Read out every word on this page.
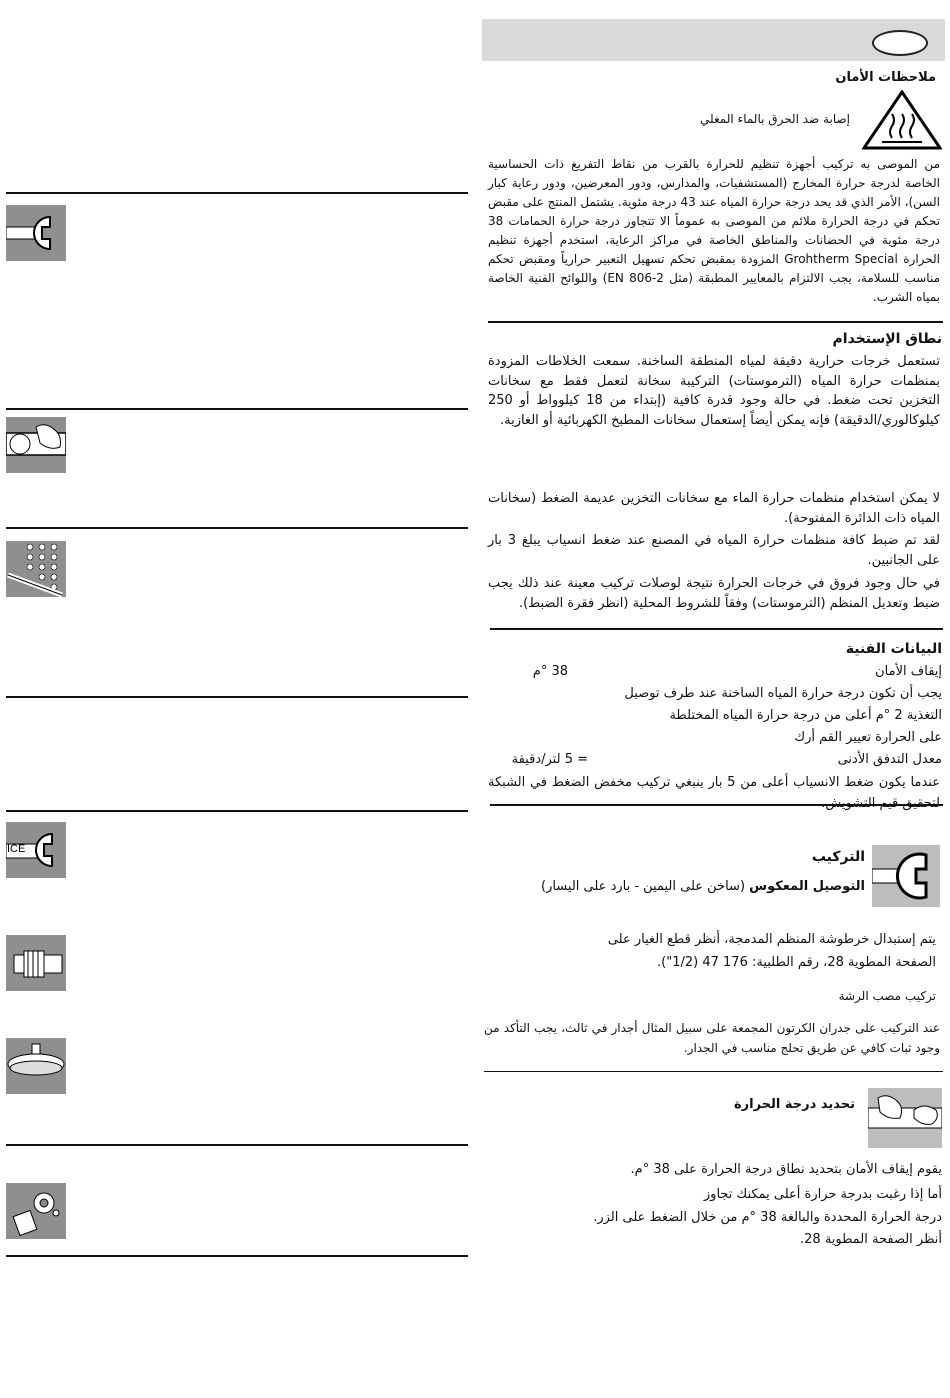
ICE
ملاحظات الأمان
إصابة ضد الحرق بالماء المغلي

من الموصى به تركيب أجهزة تنظيم للحرارة بالقرب من نقاط التفريغ ذات الحساسية الخاصة لدرجة حرارة المخارج (المستشفيات، والمدارس، ودور المعرضين، ودور رعاية كبار السن)، الأمر الذي قد يحد درجة حرارة المياه عند 43 درجة مئوية. يشتمل المنتج على مقبض تحكم في درجة الحرارة ملائم من الموصى به عموماً الا تتجاوز درجة حرارة الحمامات 38 درجة مئوية في الحضانات والمناطق الخاصة في مراكز الرعاية، استخدم أجهزة تنظيم الحرارة Grohtherm Special المزودة بمقبض تحكم تسهيل التعبير حرارياً ومقبض تحكم مناسب للسلامة، يجب الالتزام بالمعايير المطبقة (مثل EN 806-2) واللوائح الفنية الخاصة بمياه الشرب.

نطاق الإستخدام

تستعمل خرجات حرارية دقيقة لمياه المنطقة الساخنة. سمعت الخلاطات المزودة بمنظمات حرارة المياه (الترموستات) التركيبة سخانة لتعمل فقط مع سخانات التخزين تحت ضغط. في حالة وجود قدرة كافية (إبتداء من 18 كيلوواط أو 250 كيلوكالوري/الدقيقة) فإنه يمكن أيضاً إستعمال سخانات المطبخ الكهربائية أو الغازية.

لا يمكن استخدام منظمات حرارة الماء مع سخانات التخزين عديمة الضغط (سخانات المياه ذات الدائرة المفتوحة).

لقد تم ضبط كافة منظمات حرارة المياه في المصنع عند ضغط انسياب يبلغ 3 بار على الجانبين.

في حال وجود فروق في خرجات الحرارة نتيجة لوصلات تركيب معينة عند ذلك يجب ضبط وتعديل المنظم (الترموستات) وفقاً للشروط المحلية (انظر فقرة الضبط).

البيانات الفنية
إيقاف الأمان
38 °م
يجب أن تكون درجة حرارة المياه الساخنة عند طرف توصيل
التغذية 2 °م أعلى من درجة حرارة المياه المختلطة
على الحرارة تعيير القم أرك
معدل التدفق الأدنى
= 5 لتر/دقيقة

عندما يكون ضغط الانسياب أعلى من 5 بار ينبغي تركيب مخفض الضغط في الشبكة

التركيب
التوصيل المعكوس (ساخن على اليمين - بارد على اليسار)
يتم إستبدال خرطوشة المنظم المدمجة، أنظر قطع الغيار على
الصفحة المطوية 28، رقم الطلبية: 176 47 (1/2").
تركيب مصب الرشة

عند التركيب على جدران الكرتون المجمعة على سبيل المثال أجدار في ثالث، يجب التأكد من وجود ثبات كافي عن طريق تحلج مناسب في الجدار.

تحديد درجة الحرارة
يقوم إيقاف الأمان بتحديد نطاق درجة الحرارة على 38 °م.
أما إذا رغبت بدرجة حرارة أعلى يمكنك تجاوز
درجة الحرارة المحددة والبالغة 38 °م من خلال الضغط على الزر.
أنظر الصفحة المطوية 28.
